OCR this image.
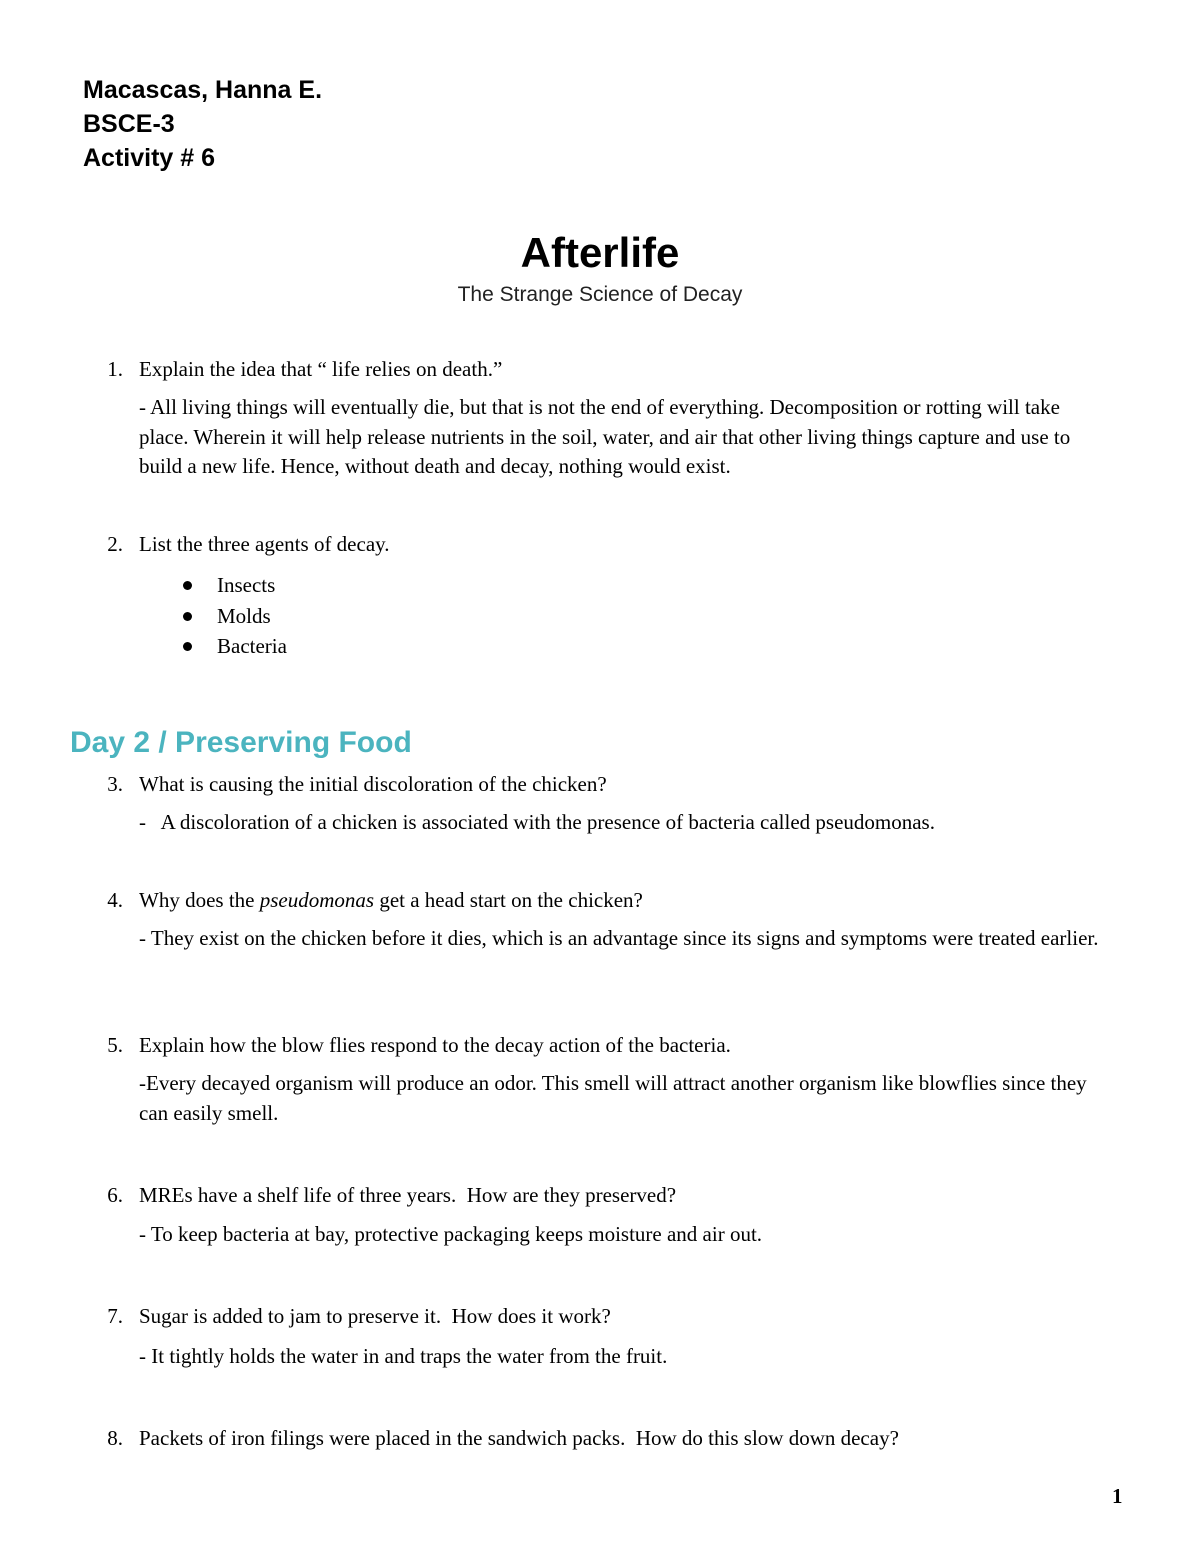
Macascas, Hanna E.
BSCE-3
Activity # 6
Afterlife
The Strange Science of Decay
1. Explain the idea that “ life relies on death.”
- All living things will eventually die, but that is not the end of everything. Decomposition or rotting will take place. Wherein it will help release nutrients in the soil, water, and air that other living things capture and use to build a new life. Hence, without death and decay, nothing would exist.
2. List the three agents of decay.
Insects
Molds
Bacteria
Day 2 / Preserving Food
3. What is causing the initial discoloration of the chicken?
-   A discoloration of a chicken is associated with the presence of bacteria called pseudomonas.
4. Why does the pseudomonas get a head start on the chicken?
- They exist on the chicken before it dies, which is an advantage since its signs and symptoms were treated earlier.
5. Explain how the blow flies respond to the decay action of the bacteria.
-Every decayed organism will produce an odor. This smell will attract another organism like blowflies since they can easily smell.
6. MREs have a shelf life of three years.  How are they preserved?
- To keep bacteria at bay, protective packaging keeps moisture and air out.
7. Sugar is added to jam to preserve it.  How does it work?
- It tightly holds the water in and traps the water from the fruit.
8. Packets of iron filings were placed in the sandwich packs.  How do this slow down decay?
1
